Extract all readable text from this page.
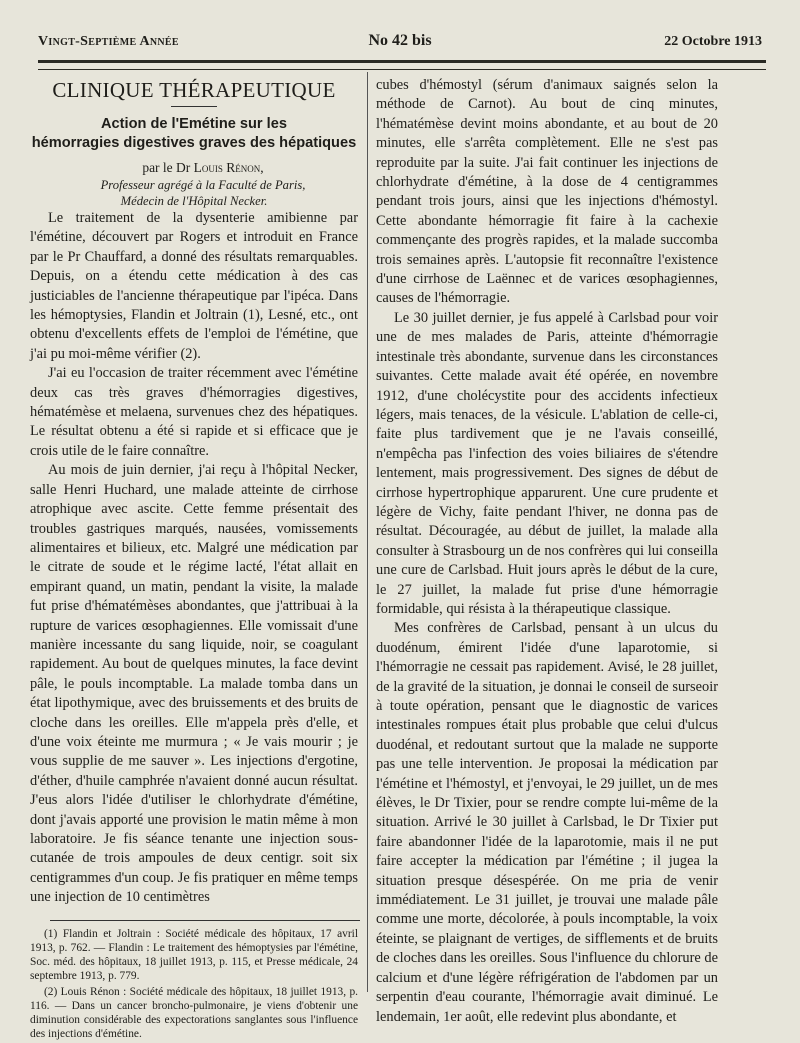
Vingt-Septième Année	No 42 bis	22 Octobre 1913
CLINIQUE THÉRAPEUTIQUE
Action de l'Emétine sur les
hémorragies digestives graves des hépatiques

par le Dr Louis Rénon,

Professeur agrégé à la Faculté de Paris,
Médecin de l'Hôpital Necker.

Le traitement de la dysenterie amibienne par l'émétine, découvert par Rogers et introduit en France par le Pr Chauffard, a donné des résultats remarquables. Depuis, on a étendu cette médication à des cas justiciables de l'ancienne thérapeutique par l'ipéca. Dans les hémoptysies, Flandin et Joltrain (1), Lesné, etc., ont obtenu d'excellents effets de l'emploi de l'émétine, que j'ai pu moi-même vérifier (2).

J'ai eu l'occasion de traiter récemment avec l'émétine deux cas très graves d'hémorragies digestives, hématémèse et melaena, survenues chez des hépatiques. Le résultat obtenu a été si rapide et si efficace que je crois utile de le faire connaître.

Au mois de juin dernier, j'ai reçu à l'hôpital Necker, salle Henri Huchard, une malade atteinte de cirrhose atrophique avec ascite. Cette femme présentait des troubles gastriques marqués, nausées, vomissements alimentaires et bilieux, etc. Malgré une médication par le citrate de soude et le régime lacté, l'état allait en empirant quand, un matin, pendant la visite, la malade fut prise d'hématémèses abondantes, que j'attribuai à la rupture de varices œsophagiennes. Elle vomissait d'une manière incessante du sang liquide, noir, se coagulant rapidement. Au bout de quelques minutes, la face devint pâle, le pouls incomptable. La malade tomba dans un état lipothymique, avec des bruissements et des bruits de cloche dans les oreilles. Elle m'appela près d'elle, et d'une voix éteinte me murmura ; « Je vais mourir ; je vous supplie de me sauver ». Les injections d'ergotine, d'éther, d'huile camphrée n'avaient donné aucun résultat. J'eus alors l'idée d'utiliser le chlorhydrate d'émétine, dont j'avais apporté une provision le matin même à mon laboratoire. Je fis séance tenante une injection sous-cutanée de trois ampoules de deux centigr. soit six centigrammes d'un coup. Je fis pratiquer en même temps une injection de 10 centimètres

(1) Flandin et Joltrain : Société médicale des hôpitaux, 17 avril 1913, p. 762. — Flandin : Le traitement des hémoptysies par l'émétine, Soc. méd. des hôpitaux, 18 juillet 1913, p. 115, et Presse médicale, 24 septembre 1913, p. 779.

(2) Louis Rénon : Société médicale des hôpitaux, 18 juillet 1913, p. 116. — Dans un cancer broncho-pulmonaire, je viens d'obtenir une diminution considérable des expectorations sanglantes sous l'influence des injections d'émétine.

cubes d'hémostyl (sérum d'animaux saignés selon la méthode de Carnot). Au bout de cinq minutes, l'hématémèse devint moins abondante, et au bout de 20 minutes, elle s'arrêta complètement. Elle ne s'est pas reproduite par la suite. J'ai fait continuer les injections de chlorhydrate d'émétine, à la dose de 4 centigrammes pendant trois jours, ainsi que les injections d'hémostyl. Cette abondante hémorragie fit faire à la cachexie commençante des progrès rapides, et la malade succomba trois semaines après. L'autopsie fit reconnaître l'existence d'une cirrhose de Laënnec et de varices œsophagiennes, causes de l'hémorragie.

Le 30 juillet dernier, je fus appelé à Carlsbad pour voir une de mes malades de Paris, atteinte d'hémorragie intestinale très abondante, survenue dans les circonstances suivantes. Cette malade avait été opérée, en novembre 1912, d'une cholécystite pour des accidents infectieux légers, mais tenaces, de la vésicule. L'ablation de celle-ci, faite plus tardivement que je ne l'avais conseillé, n'empêcha pas l'infection des voies biliaires de s'étendre lentement, mais progressivement. Des signes de début de cirrhose hypertrophique apparurent. Une cure prudente et légère de Vichy, faite pendant l'hiver, ne donna pas de résultat. Découragée, au début de juillet, la malade alla consulter à Strasbourg un de nos confrères qui lui conseilla une cure de Carlsbad. Huit jours après le début de la cure, le 27 juillet, la malade fut prise d'une hémorragie formidable, qui résista à la thérapeutique classique.

Mes confrères de Carlsbad, pensant à un ulcus du duodénum, émirent l'idée d'une laparotomie, si l'hémorragie ne cessait pas rapidement. Avisé, le 28 juillet, de la gravité de la situation, je donnai le conseil de surseoir à toute opération, pensant que le diagnostic de varices intestinales rompues était plus probable que celui d'ulcus duodénal, et redoutant surtout que la malade ne supporte pas une telle intervention. Je proposai la médication par l'émétine et l'hémostyl, et j'envoyai, le 29 juillet, un de mes élèves, le Dr Tixier, pour se rendre compte lui-même de la situation. Arrivé le 30 juillet à Carlsbad, le Dr Tixier put faire abandonner l'idée de la laparotomie, mais il ne put faire accepter la médication par l'émétine ; il jugea la situation presque désespérée. On me pria de venir immédiatement. Le 31 juillet, je trouvai une malade pâle comme une morte, décolorée, à pouls incomptable, la voix éteinte, se plaignant de vertiges, de sifflements et de bruits de cloches dans les oreilles. Sous l'influence du chlorure de calcium et d'une légère réfrigération de l'abdomen par un serpentin d'eau courante, l'hémorragie avait diminué. Le lendemain, 1er août, elle redevint plus abondante, et
